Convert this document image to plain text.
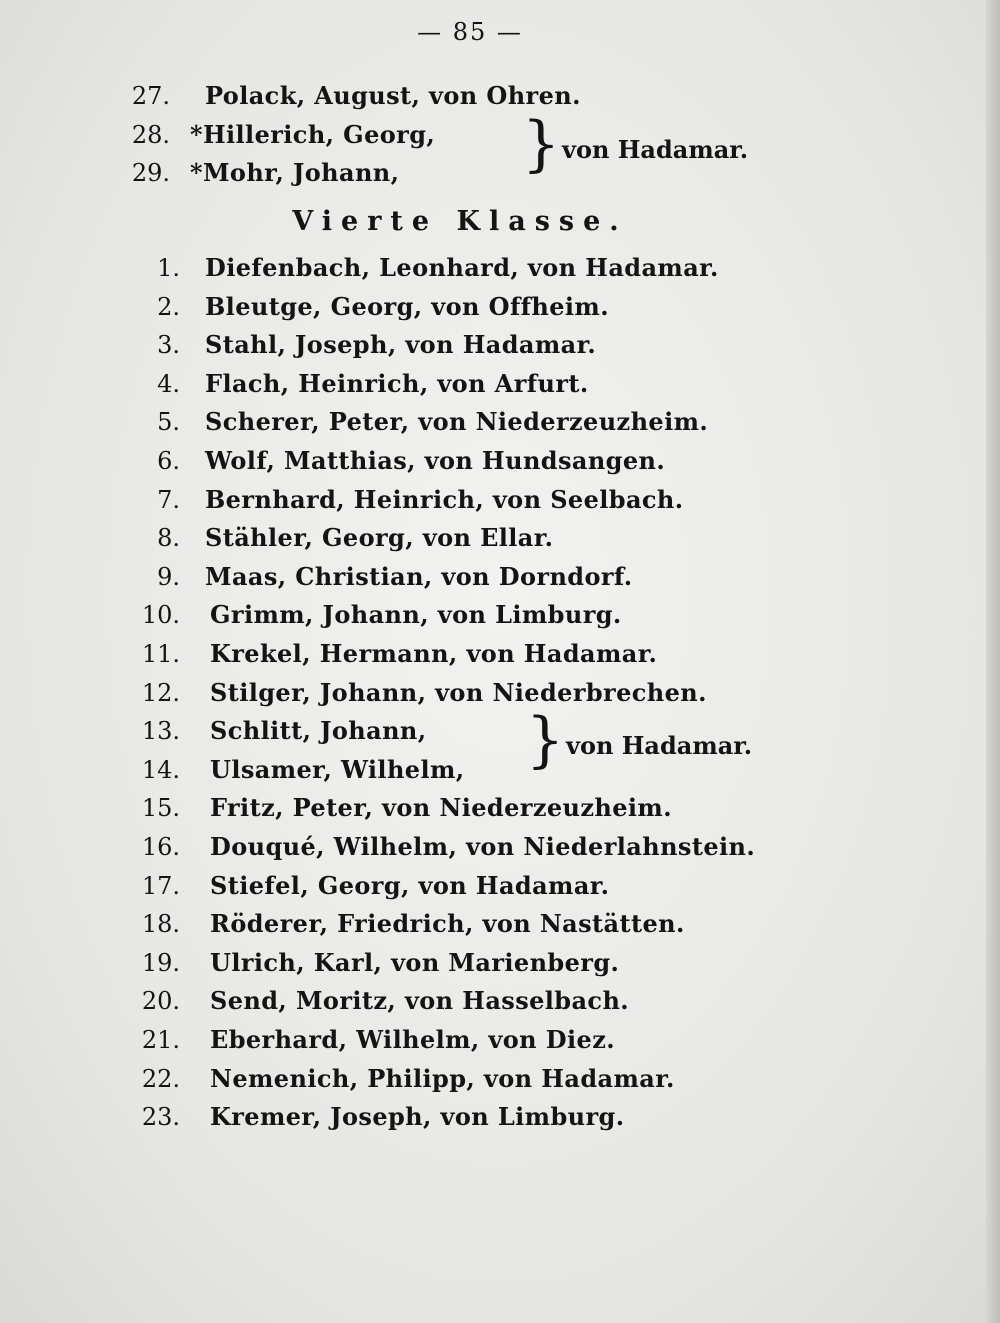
— 85 —
27. Polack, August, von Ohren.
28. *Hillerich, Georg,
29. *Mohr, Johann, } von Hadamar.
Vierte Klasse.
1. Diefenbach, Leonhard, von Hadamar.
2. Bleutge, Georg, von Offheim.
3. Stahl, Joseph, von Hadamar.
4. Flach, Heinrich, von Arfurt.
5. Scherer, Peter, von Niederzeuzheim.
6. Wolf, Matthias, von Hundsangen.
7. Bernhard, Heinrich, von Seelbach.
8. Stähler, Georg, von Ellar.
9. Maas, Christian, von Dorndorf.
10. Grimm, Johann, von Limburg.
11. Krekel, Hermann, von Hadamar.
12. Stilger, Johann, von Niederbrechen.
13. Schlitt, Johann,
14. Ulsamer, Wilhelm,
15. Fritz, Peter, von Niederzeuzheim.
16. Douqué, Wilhelm, von Niederlahnstein.
17. Stiefel, Georg, von Hadamar.
18. Röderer, Friedrich, von Nastätten.
19. Ulrich, Karl, von Marienberg.
20. Send, Moritz, von Hasselbach.
21. Eberhard, Wilhelm, von Diez.
22. Nemenich, Philipp, von Hadamar.
23. Kremer, Joseph, von Limburg.
} von Hadamar.
